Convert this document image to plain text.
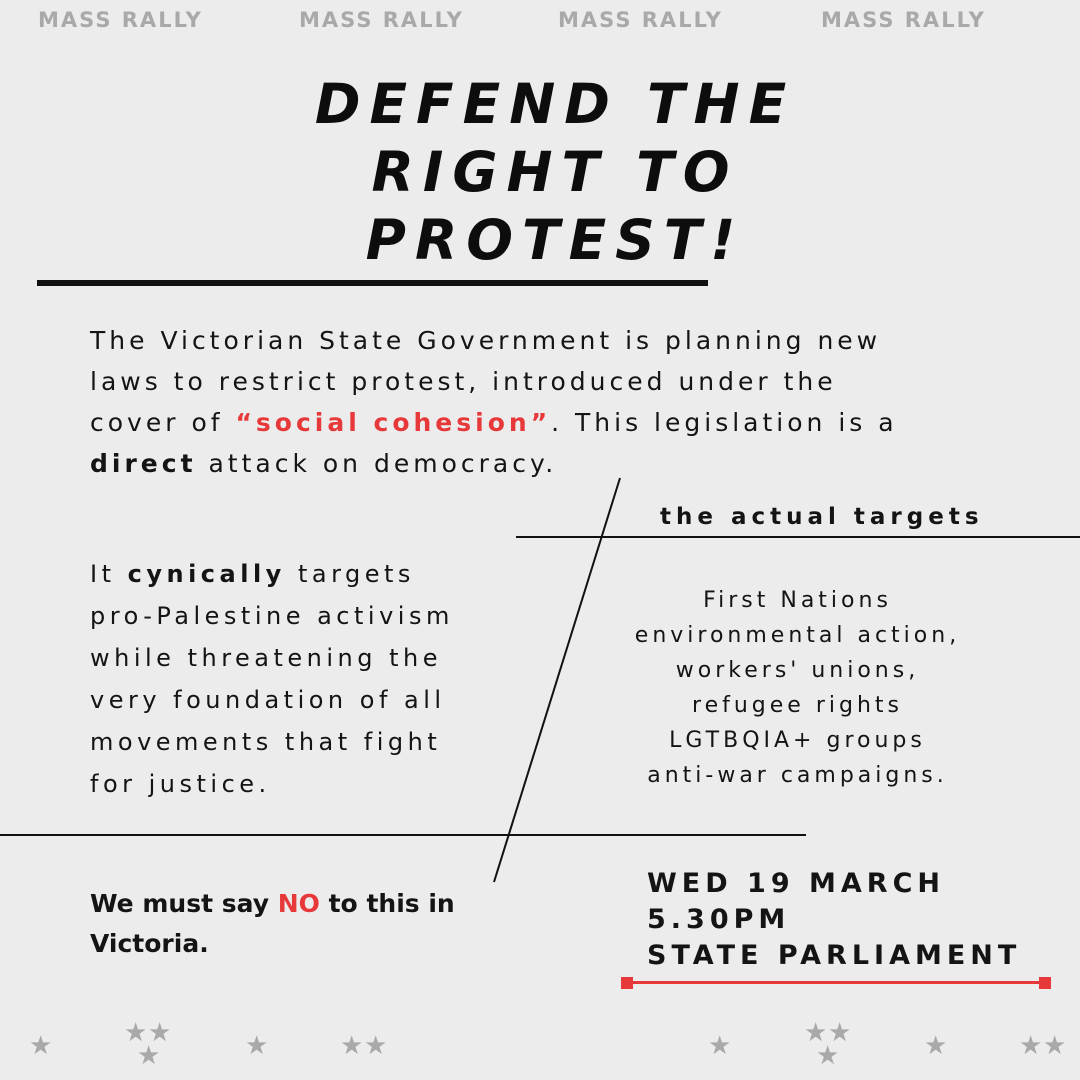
MASS RALLY	MASS RALLY	MASS RALLY	MASS RALLY
DEFEND THE
RIGHT TO
PROTEST!
The Victorian State Government is planning new
laws to restrict protest, introduced under the
cover of “social cohesion”. This legislation is a
direct attack on democracy.
the actual targets
It cynically targets
pro-Palestine activism
while threatening the
very foundation of all
movements that fight
for justice.
First Nations
environmental action,
workers' unions,
refugee rights
LGTBQIA+ groups
anti-war campaigns.
We must say NO to this in Victoria.
WED 19 MARCH
5.30PM
STATE PARLIAMENT
★	★ ★
★	★	★ ★	★	★ ★
★	★	★ ★
